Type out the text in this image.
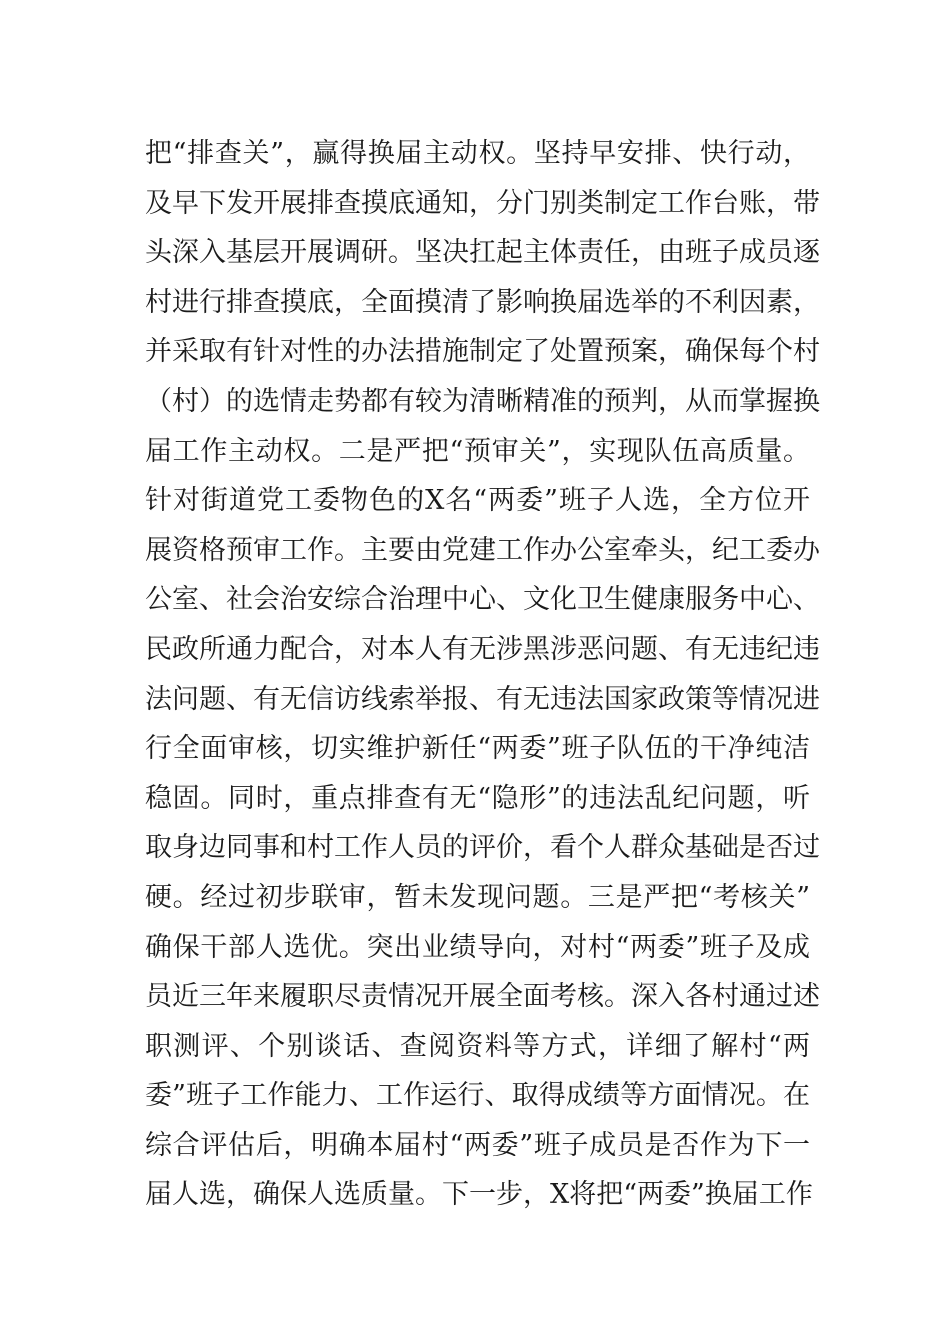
把“排查关”，赢得换届主动权。坚持早安排、快行动，
及早下发开展排查摸底通知，分门别类制定工作台账，带
头深入基层开展调研。坚决扛起主体责任，由班子成员逐
村进行排查摸底，全面摸清了影响换届选举的不利因素，
并采取有针对性的办法措施制定了处置预案，确保每个村
（村）的选情走势都有较为清晰精准的预判，从而掌握换
届工作主动权。二是严把“预审关”，实现队伍高质量。
针对街道党工委物色的X名“两委”班子人选，全方位开
展资格预审工作。主要由党建工作办公室牵头，纪工委办
公室、社会治安综合治理中心、文化卫生健康服务中心、
民政所通力配合，对本人有无涉黑涉恶问题、有无违纪违
法问题、有无信访线索举报、有无违法国家政策等情况进
行全面审核，切实维护新任“两委”班子队伍的干净纯洁
稳固。同时，重点排查有无“隐形”的违法乱纪问题，听
取身边同事和村工作人员的评价，看个人群众基础是否过
硬。经过初步联审，暂未发现问题。三是严把“考核关”
确保干部人选优。突出业绩导向，对村“两委”班子及成
员近三年来履职尽责情况开展全面考核。深入各村通过述
职测评、个别谈话、查阅资料等方式，详细了解村“两
委”班子工作能力、工作运行、取得成绩等方面情况。在
综合评估后，明确本届村“两委”班子成员是否作为下一
届人选，确保人选质量。下一步，X将把“两委”换届工作
